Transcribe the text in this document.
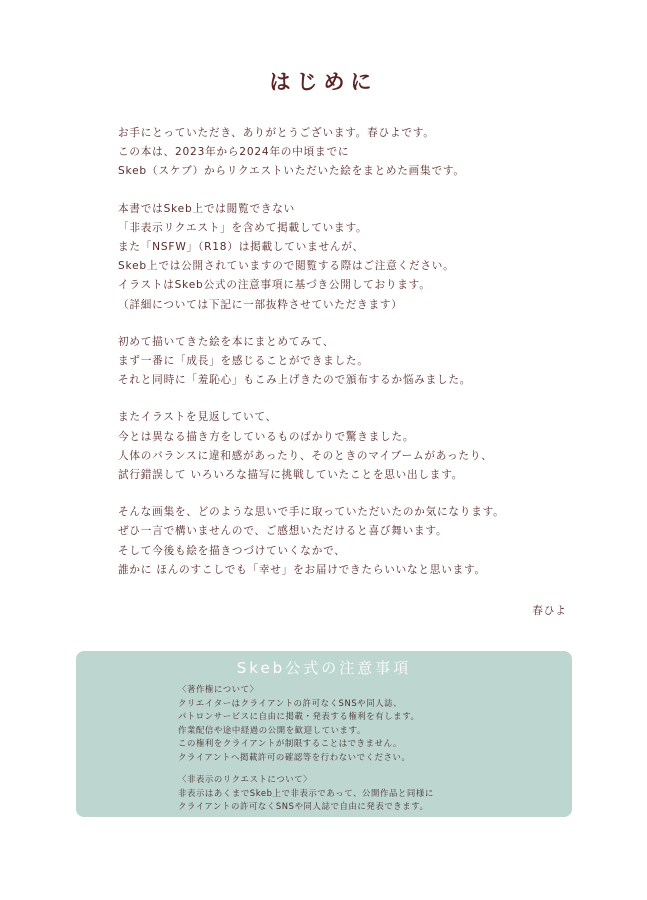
はじめに
お手にとっていただき、ありがとうございます。春ひよです。
この本は、2023年から2024年の中頃までに
Skeb（スケブ）からリクエストいただいた絵をまとめた画集です。
本書ではSkeb上では閲覧できない
「非表示リクエスト」を含めて掲載しています。
また「NSFW」（R18）は掲載していませんが、
Skeb上では公開されていますので閲覧する際はご注意ください。
イラストはSkeb公式の注意事項に基づき公開しております。
（詳細については下記に一部抜粋させていただきます）
初めて描いてきた絵を本にまとめてみて、
まず一番に「成長」を感じることができました。
それと同時に「羞恥心」もこみ上げきたので頒布するか悩みました。
またイラストを見返していて、
今とは異なる描き方をしているものばかりで驚きました。
人体のバランスに違和感があったり、そのときのマイブームがあったり、
試行錯誤して いろいろな描写に挑戦していたことを思い出します。
そんな画集を、どのような思いで手に取っていただいたのか気になります。
ぜひ一言で構いませんので、ご感想いただけると喜び舞います。
そして今後も絵を描きつづけていくなかで、
誰かに ほんのすこしでも「幸せ」をお届けできたらいいなと思います。
春ひよ
Skeb公式の注意事項
〈著作権について〉
クリエイターはクライアントの許可なくSNSや同人誌、
パトロンサービスに自由に掲載・発表する権利を有します。
作業配信や途中経過の公開を歓迎しています。
この権利をクライアントが制限することはできません。
クライアントへ掲載許可の確認等を行わないでください。
〈非表示のリクエストについて〉
非表示はあくまでSkeb上で非表示であって、公開作品と同様に
クライアントの許可なくSNSや同人誌で自由に発表できます。
